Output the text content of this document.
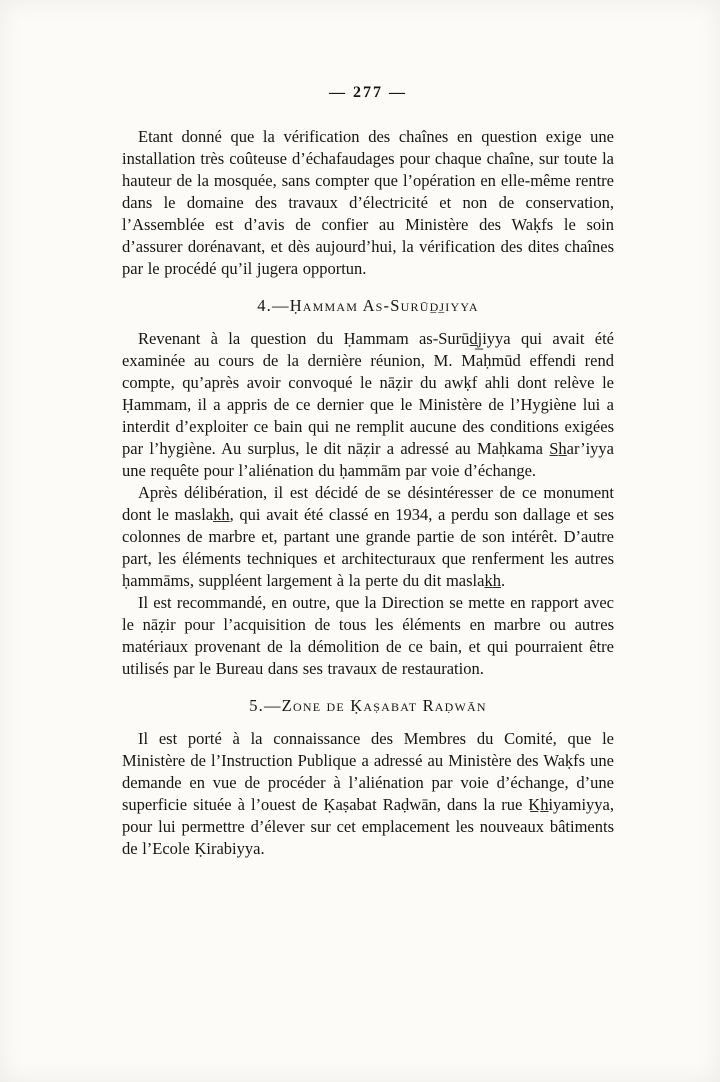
— 277 —

Etant donné que la vérification des chaînes en question exige une installation très coûteuse d’échafaudages pour chaque chaîne, sur toute la hauteur de la mosquée, sans compter que l’opération en elle-même rentre dans le domaine des travaux d’électricité et non de conservation, l’Assemblée est d’avis de confier au Ministère des Waḳfs le soin d’assurer dorénavant, et dès aujourd’hui, la vérification des dites chaînes par le procédé qu’il jugera opportun.

4.—Ḥammam As-Surūd̲j̲iyya

Revenant à la question du Ḥammam as-Surūd̲j̲iyya qui avait été examinée au cours de la dernière réunion, M. Maḥmūd effendi rend compte, qu’après avoir convoqué le nāẓir du awḳf ahli dont relève le Ḥammam, il a appris de ce dernier que le Ministère de l’Hygiène lui a interdit d’exploiter ce bain qui ne remplit aucune des conditions exigées par l’hygiène. Au surplus, le dit nāẓir a adressé au Maḥkama S̲h̲ar’iyya une requête pour l’aliénation du ḥammām par voie d’échange.

Après délibération, il est décidé de se désintéresser de ce monument dont le maslak̲h̲, qui avait été classé en 1934, a perdu son dallage et ses colonnes de marbre et, partant une grande partie de son intérêt. D’autre part, les éléments techniques et architecturaux que renferment les autres ḥammāms, suppléent largement à la perte du dit maslak̲h̲.

Il est recommandé, en outre, que la Direction se mette en rapport avec le nāẓir pour l’acquisition de tous les éléments en marbre ou autres matériaux provenant de la démolition de ce bain, et qui pourraient être utilisés par le Bureau dans ses travaux de restauration.

5.—Zone de Ḳaṣabat Raḍwān

Il est porté à la connaissance des Membres du Comité, que le Ministère de l’Instruction Publique a adressé au Ministère des Waḳfs une demande en vue de procéder à l’aliénation par voie d’échange, d’une superficie située à l’ouest de Ḳaṣabat Raḍwān, dans la rue K̲h̲iyamiyya, pour lui permettre d’élever sur cet emplacement les nouveaux bâtiments de l’Ecole Ḳirabiyya.
